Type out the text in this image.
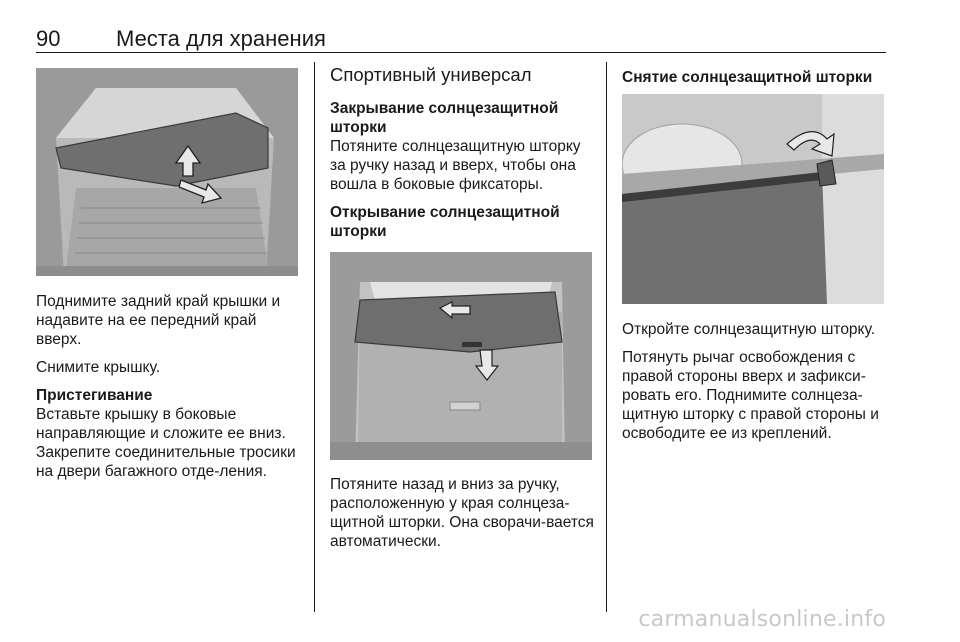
90	Места для хранения

Поднимите задний край крышки и надавите на ее передний край вверх.

Снимите крышку.

Пристегивание

Вставьте крышку в боковые направляющие и сложите ее вниз. Закрепите соединительные тросики на двери багажного отде-ления.

Спортивный универсал
Закрывание солнцезащитной шторки

Потяните солнцезащитную шторку за ручку назад и вверх, чтобы она вошла в боковые фиксаторы.

Открывание солнцезащитной шторки

Потяните назад и вниз за ручку, расположенную у края солнцеза-щитной шторки. Она сворачи-вается автоматически.

Снятие солнцезащитной шторки

Откройте солнцезащитную шторку.

Потянуть рычаг освобождения с правой стороны вверх и зафикси-ровать его. Поднимите солнцеза-щитную шторку с правой стороны и освободите ее из креплений.

carmanualsonline.info
